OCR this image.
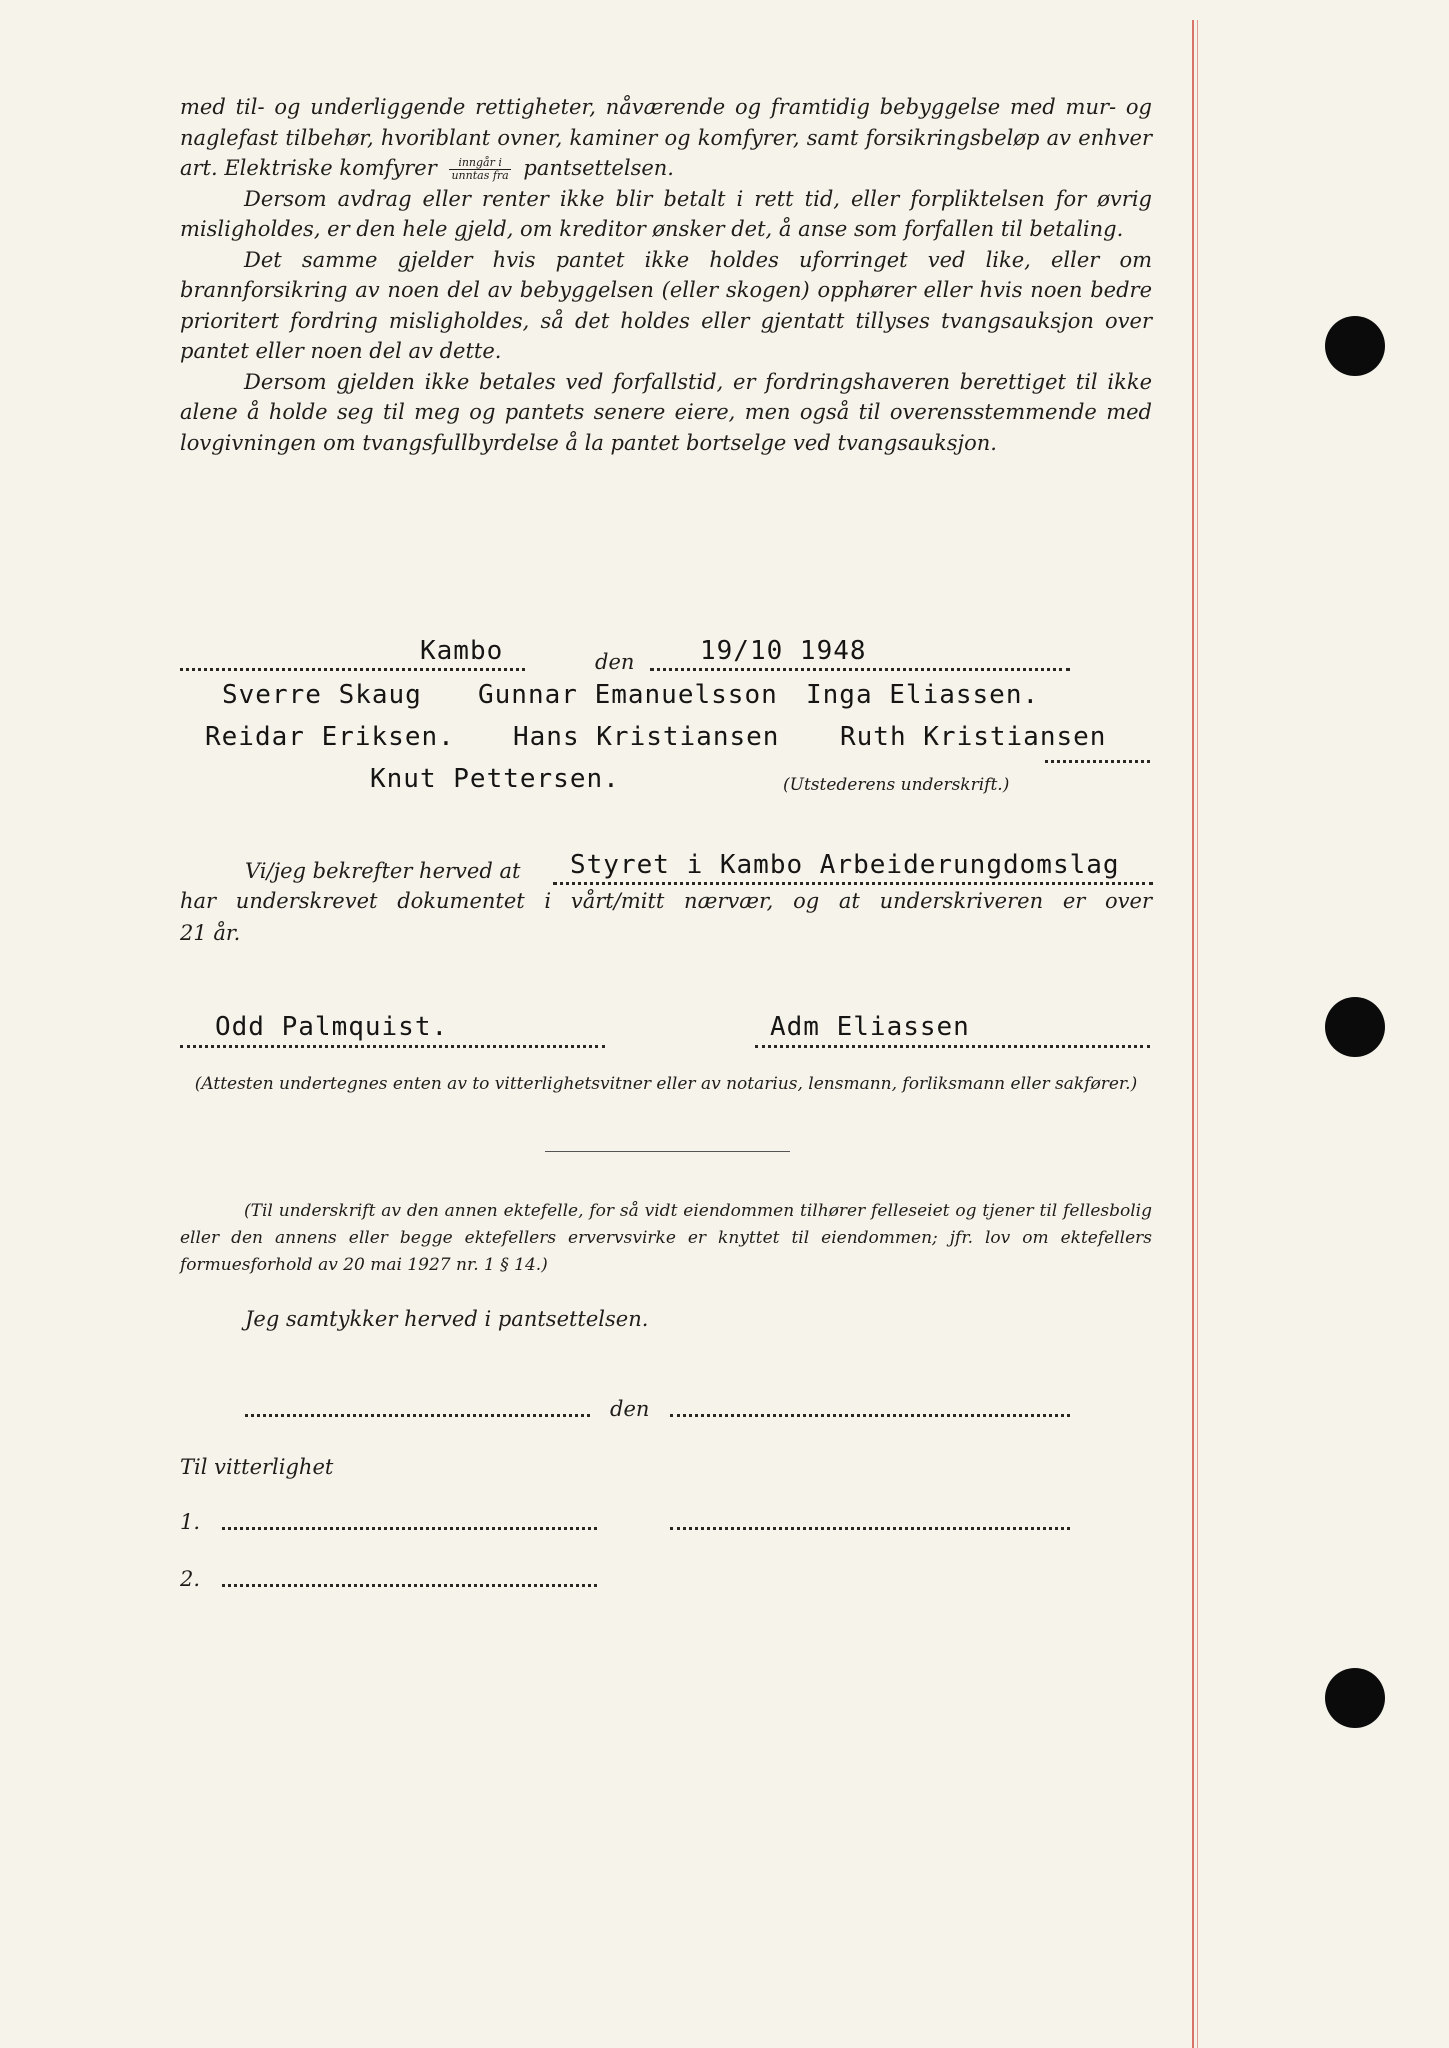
med til- og underliggende rettigheter, nåværende og framtidig bebyggelse med mur- og naglefast tilbehør, hvoriblant ovner, kaminer og komfyrer, samt forsikringsbeløp av enhver art. Elektriske komfyrer $\frac{\text{inngår i}}{\text{unntas fra}}$ pantsettelsen.

Dersom avdrag eller renter ikke blir betalt i rett tid, eller forpliktelsen for øvrig misligholdes, er den hele gjeld, om kreditor ønsker det, å anse som forfallen til betaling.

Det samme gjelder hvis pantet ikke holdes uforringet ved like, eller om brannforsikring av noen del av bebyggelsen (eller skogen) opphører eller hvis noen bedre prioritert fordring misligholdes, så det holdes eller gjentatt tillyses tvangsauksjon over pantet eller noen del av dette.

Dersom gjelden ikke betales ved forfallstid, er fordringshaveren berettiget til ikke alene å holde seg til meg og pantets senere eiere, men også til overensstemmende med lovgivningen om tvangsfullbyrdelse å la pantet bortselge ved tvangsauksjon.

Kambo	den	19/10 1948
Sverre Skaug Gunnar Emanuelsson Inga Eliassen.
Reidar Eriksen. Hans Kristiansen Ruth Kristiansen
Knut Pettersen.	(Utstederens underskrift.)
Vi/jeg bekrefter herved at Styret i Kambo Arbeiderungdomslag
har underskrevet dokumentet i vårt/mitt nærvær, og at underskriveren er over
21 år.
Odd Palmquist.	Adm Eliassen
(Attesten undertegnes enten av to vitterlighetsvitner eller av notarius, lensmann, forliksmann eller sakfører.)
(Til underskrift av den annen ektefelle, for så vidt eiendommen tilhører felleseiet og tjener til fellesbolig eller den annens eller begge ektefellers ervervsvirke er knyttet til eiendommen; jfr. lov om ektefellers formuesforhold av 20 mai 1927 nr. 1 § 14.)
Jeg samtykker herved i pantsettelsen.
den
Til vitterlighet
1.
2.
